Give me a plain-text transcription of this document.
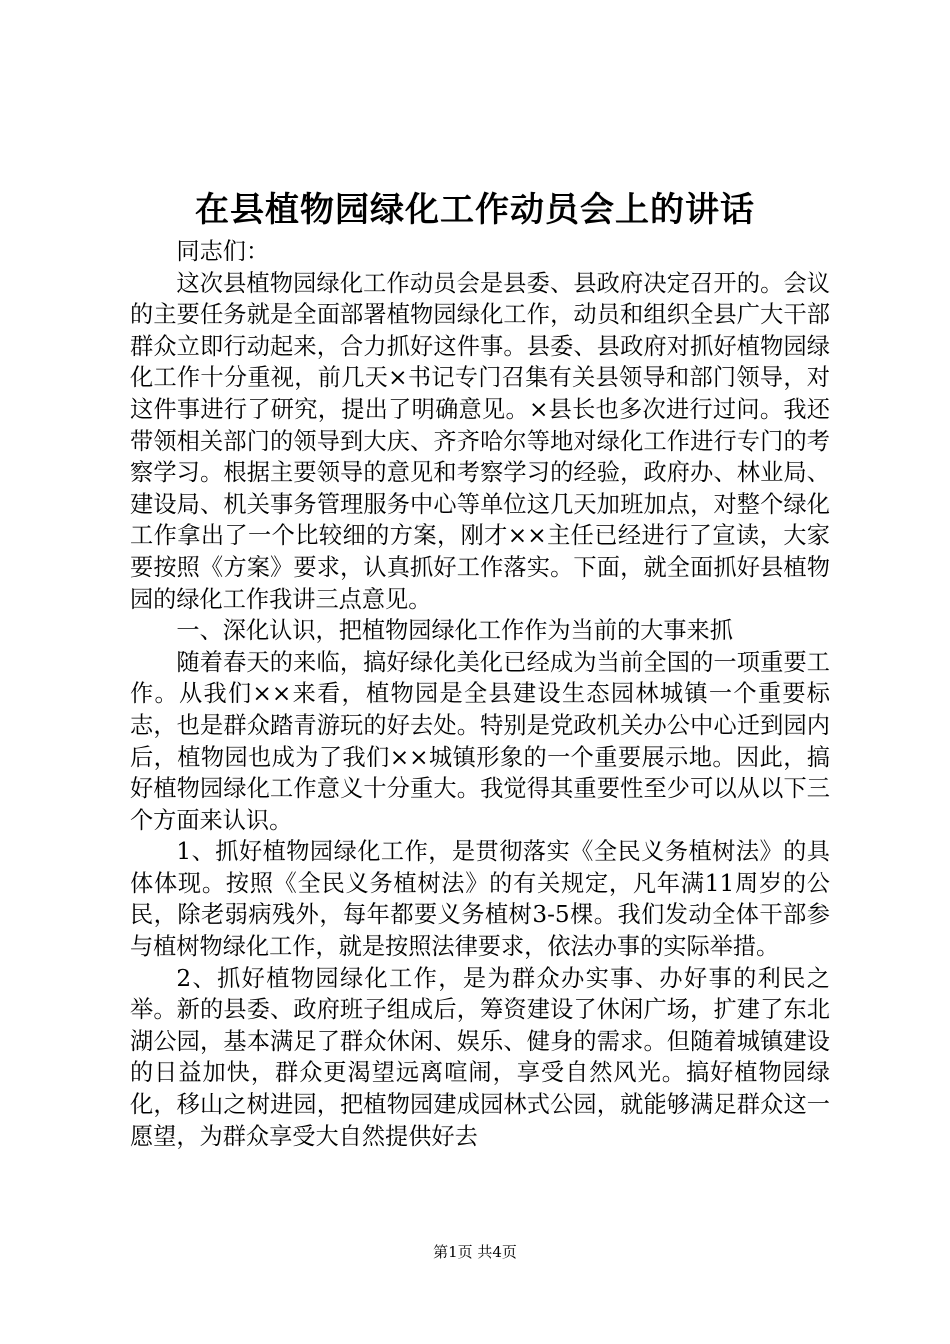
在县植物园绿化工作动员会上的讲话

同志们：

这次县植物园绿化工作动员会是县委、县政府决定召开的。会议的主要任务就是全面部署植物园绿化工作，动员和组织全县广大干部群众立即行动起来，合力抓好这件事。县委、县政府对抓好植物园绿化工作十分重视，前几天×书记专门召集有关县领导和部门领导，对这件事进行了研究，提出了明确意见。×县长也多次进行过问。我还带领相关部门的领导到大庆、齐齐哈尔等地对绿化工作进行专门的考察学习。根据主要领导的意见和考察学习的经验，政府办、林业局、建设局、机关事务管理服务中心等单位这几天加班加点，对整个绿化工作拿出了一个比较细的方案，刚才××主任已经进行了宣读，大家要按照《方案》要求，认真抓好工作落实。下面，就全面抓好县植物园的绿化工作我讲三点意见。

一、深化认识，把植物园绿化工作作为当前的大事来抓

随着春天的来临，搞好绿化美化已经成为当前全国的一项重要工作。从我们××来看，植物园是全县建设生态园林城镇一个重要标志，也是群众踏青游玩的好去处。特别是党政机关办公中心迁到园内后，植物园也成为了我们××城镇形象的一个重要展示地。因此，搞好植物园绿化工作意义十分重大。我觉得其重要性至少可以从以下三个方面来认识。

1、抓好植物园绿化工作，是贯彻落实《全民义务植树法》的具体体现。按照《全民义务植树法》的有关规定，凡年满11周岁的公民，除老弱病残外，每年都要义务植树3-5棵。我们发动全体干部参与植树物绿化工作，就是按照法律要求，依法办事的实际举措。

2、抓好植物园绿化工作，是为群众办实事、办好事的利民之举。新的县委、政府班子组成后，筹资建设了休闲广场，扩建了东北湖公园，基本满足了群众休闲、娱乐、健身的需求。但随着城镇建设的日益加快，群众更渴望远离喧闹，享受自然风光。搞好植物园绿化，移山之树进园，把植物园建成园林式公园，就能够满足群众这一愿望，为群众享受大自然提供好去

第1页 共4页
